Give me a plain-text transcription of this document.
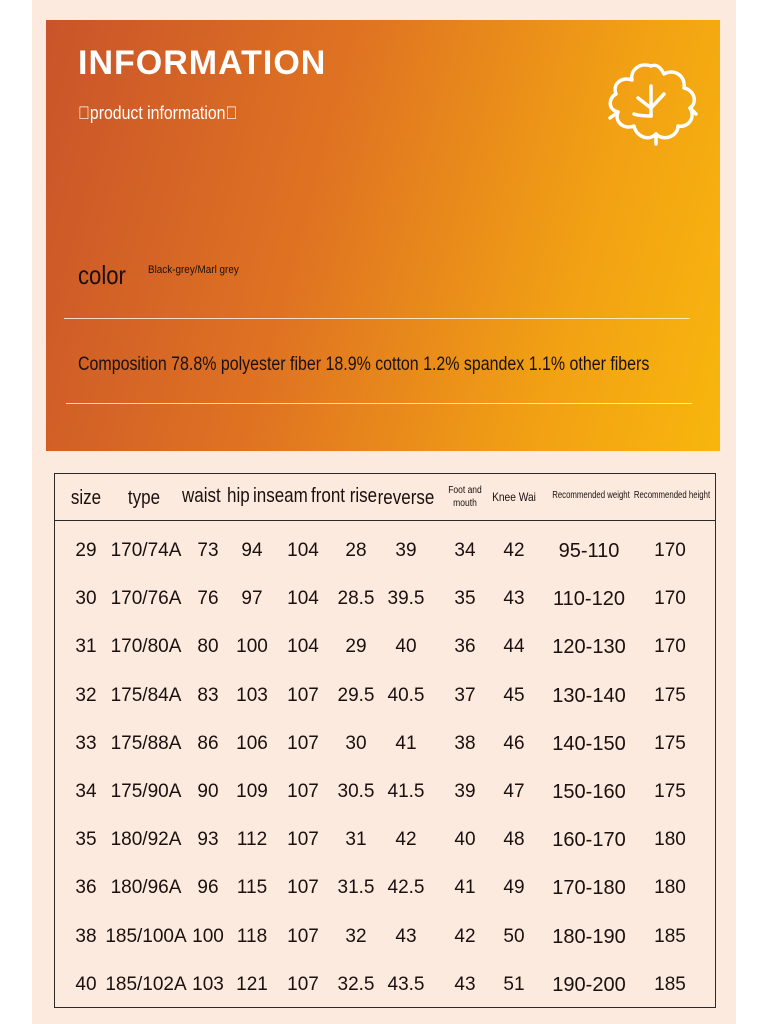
INFORMATION
 product information 
color Black-grey/Marl grey
Composition 78.8% polyester fiber 18.9% cotton 1.2% spandex 1.1% other fibers
size type waist hip inseam front rise reverse Foot and mouth	Knee Wai Recommended weight Recommended height
29 170/74A 73 94 104 28 39 34 42 95-110 170
30 170/76A 76 97 104 28.5 39.5 35 43 110-120 170
31 170/80A 80 100 104 29 40 36 44 120-130 170
32 175/84A 83 103 107 29.5 40.5 37 45 130-140 175
33 175/88A 86 106 107 30 41 38 46 140-150 175
34 175/90A 90 109 107 30.5 41.5 39 47 150-160 175
35 180/92A 93 112 107 31 42 40 48 160-170 180
36 180/96A 96 115 107 31.5 42.5 41 49 170-180 180
38 185/100A 100 118 107 32 43 42 50 180-190 185
40 185/102A 103 121 107 32.5 43.5 43 51 190-200 185
